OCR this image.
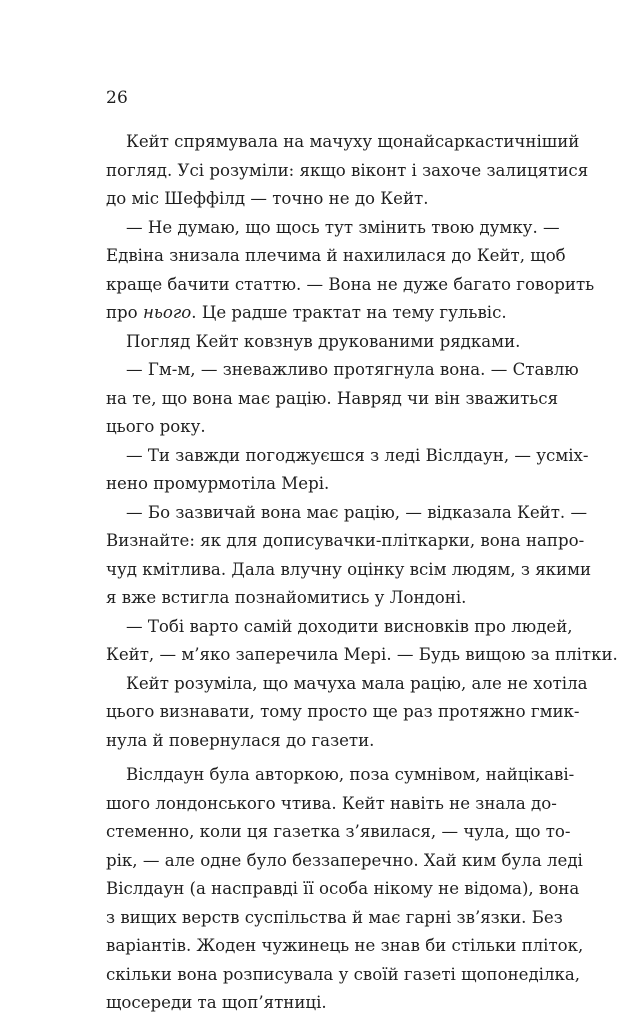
26
Кейт спрямувала на мачуху щонайсаркастичніший
погляд. Усі розуміли: якщо віконт і захоче залицятися
до міс Шеффілд — точно не до Кейт.
— Не думаю, що щось тут змінить твою думку. —
Едвіна знизала плечима й нахилилася до Кейт, щоб
краще бачити статтю. — Вона не дуже багато говорить
про нього. Це радше трактат на тему гульвіс.
Погляд Кейт ковзнув друкованими рядками.
— Гм-м, — зневажливо протягнула вона. — Ставлю
на те, що вона має рацію. Навряд чи він зважиться
цього року.
— Ти завжди погоджуєшся з леді Віслдаун, — усміх-
нено промурмотіла Мері.
— Бо зазвичай вона має рацію, — відказала Кейт. —
Визнайте: як для дописувачки-пліткарки, вона напро-
чуд кмітлива. Дала влучну оцінку всім людям, з якими
я вже встигла познайомитись у Лондоні.
— Тобі варто самій доходити висновків про людей,
Кейт, — м’яко заперечила Мері. — Будь вищою за плітки.
Кейт розуміла, що мачуха мала рацію, але не хотіла
цього визнавати, тому просто ще раз протяжно гмик-
нула й повернулася до газети.
Віслдаун була авторкою, поза сумнівом, найцікаві-
шого лондонського чтива. Кейт навіть не знала до-
стеменно, коли ця газетка з’явилася, — чула, що то-
рік, — але одне було беззаперечно. Хай ким була леді
Віслдаун (а насправді її особа нікому не відома), вона
з вищих верств суспільства й має гарні зв’язки. Без
варіантів. Жоден чужинець не знав би стільки пліток,
скільки вона розписувала у своїй газеті щопонеділка,
щосереди та щоп’ятниці.
